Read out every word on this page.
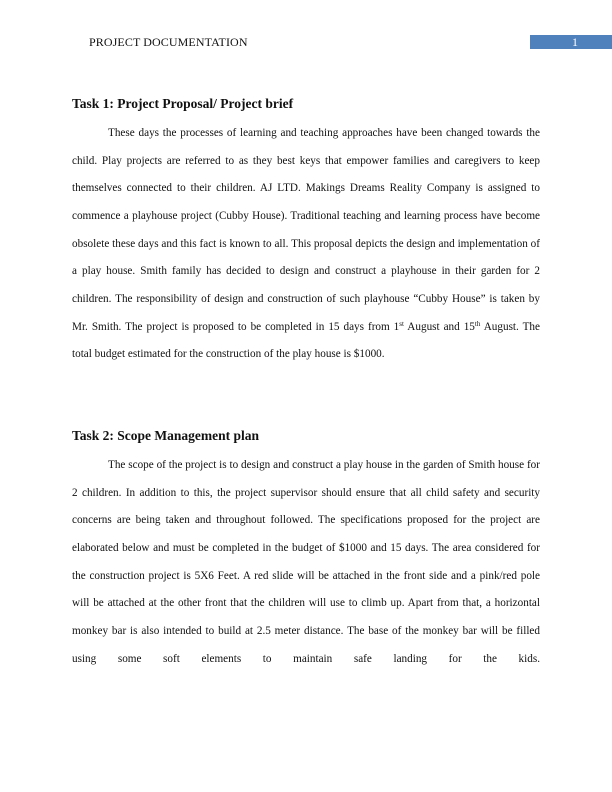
PROJECT DOCUMENTATION	1
Task 1: Project Proposal/ Project brief

These days the processes of learning and teaching approaches have been changed towards the child. Play projects are referred to as they best keys that empower families and caregivers to keep themselves connected to their children. AJ LTD. Makings Dreams Reality Company is assigned to commence a playhouse project (Cubby House). Traditional teaching and learning process have become obsolete these days and this fact is known to all. This proposal depicts the design and implementation of a play house. Smith family has decided to design and construct a playhouse in their garden for 2 children. The responsibility of design and construction of such playhouse “Cubby House” is taken by Mr. Smith. The project is proposed to be completed in 15 days from 1st August and 15th August. The total budget estimated for the construction of the play house is $1000.

Task 2: Scope Management plan

The scope of the project is to design and construct a play house in the garden of Smith house for 2 children. In addition to this, the project supervisor should ensure that all child safety and security concerns are being taken and throughout followed. The specifications proposed for the project are elaborated below and must be completed in the budget of $1000 and 15 days. The area considered for the construction project is 5X6 Feet. A red slide will be attached in the front side and a pink/red pole will be attached at the other front that the children will use to climb up. Apart from that, a horizontal monkey bar is also intended to build at 2.5 meter distance. The base of the monkey bar will be filled using some soft elements to maintain safe landing for the kids.
